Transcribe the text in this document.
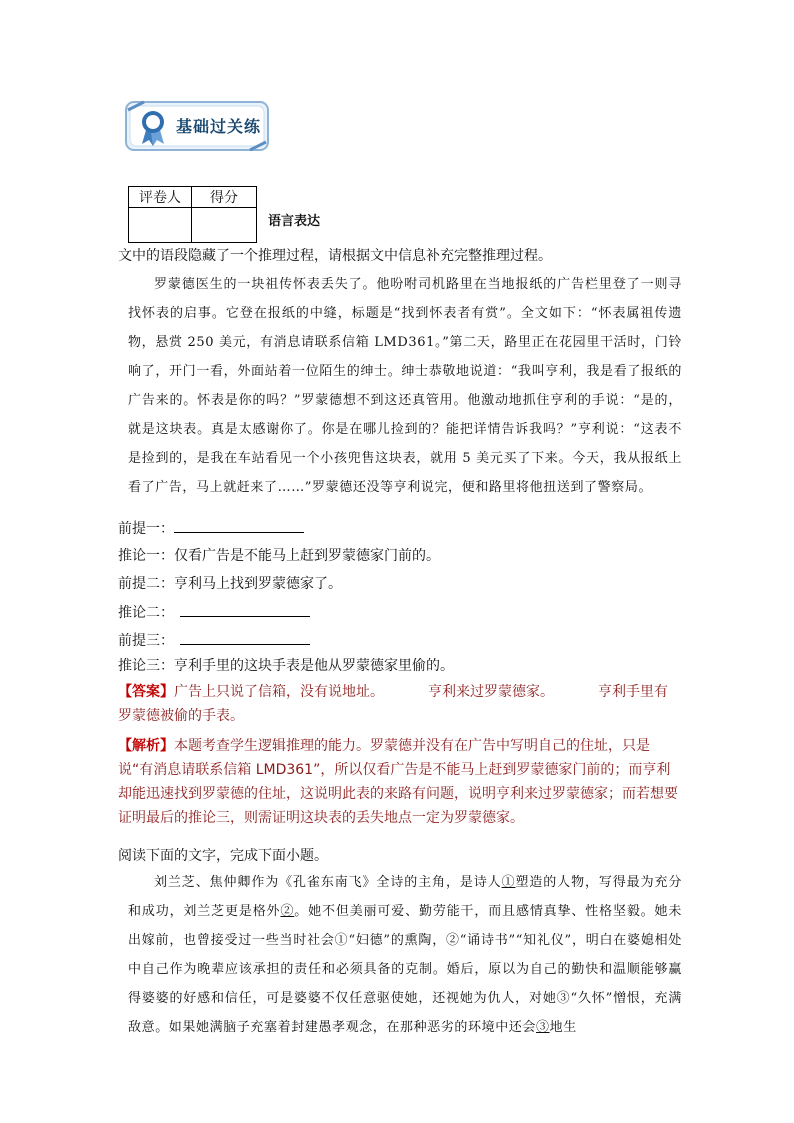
基础过关练
评卷人	得分

语言表达
文中的语段隐藏了一个推理过程，请根据文中信息补充完整推理过程。

罗蒙德医生的一块祖传怀表丢失了。他吩咐司机路里在当地报纸的广告栏里登了一则寻找怀表的启事。它登在报纸的中缝，标题是“找到怀表者有赏”。全文如下：“怀表属祖传遗物，悬赏 250 美元，有消息请联系信箱 LMD361。”第二天，路里正在花园里干活时，门铃响了，开门一看，外面站着一位陌生的绅士。绅士恭敬地说道：“我叫亨利，我是看了报纸的广告来的。怀表是你的吗？”罗蒙德想不到这还真管用。他激动地抓住亨利的手说：“是的，就是这块表。真是太感谢你了。你是在哪儿捡到的？能把详情告诉我吗？”亨利说：“这表不是捡到的，是我在车站看见一个小孩兜售这块表，就用 5 美元买了下来。今天，我从报纸上看了广告，马上就赶来了……”罗蒙德还没等亨利说完，便和路里将他扭送到了警察局。

前提一：
推论一：仅看广告是不能马上赶到罗蒙德家门前的。
前提二：亨利马上找到罗蒙德家了。
推论二：
前提三：
推论三：亨利手里的这块手表是他从罗蒙德家里偷的。
【答案】广告上只说了信箱，没有说地址。	亨利来过罗蒙德家。	亨利手里有罗蒙德被偷的手表。
【解析】本题考查学生逻辑推理的能力。罗蒙德并没有在广告中写明自己的住址，只是说“有消息请联系信箱 LMD361”，所以仅看广告是不能马上赶到罗蒙德家门前的；而亨利却能迅速找到罗蒙德的住址，这说明此表的来路有问题，说明亨利来过罗蒙德家；而若想要证明最后的推论三，则需证明这块表的丢失地点一定为罗蒙德家。
阅读下面的文字，完成下面小题。

刘兰芝、焦仲卿作为《孔雀东南飞》全诗的主角，是诗人①塑造的人物，写得最为充分和成功，刘兰芝更是格外②。她不但美丽可爱、勤劳能干，而且感情真挚、性格坚毅。她未出嫁前，也曾接受过一些当时社会①“妇德”的熏陶，②“诵诗书”“知礼仪”，明白在婆媳相处中自己作为晚辈应该承担的责任和必须具备的克制。婚后，原以为自己的勤快和温顺能够赢得婆婆的好感和信任，可是婆婆不仅任意驱使她，还视她为仇人，对她③“久怀”憎恨，充满敌意。如果她满脑子充塞着封建愚孝观念，在那种恶劣的环境中还会③地生
